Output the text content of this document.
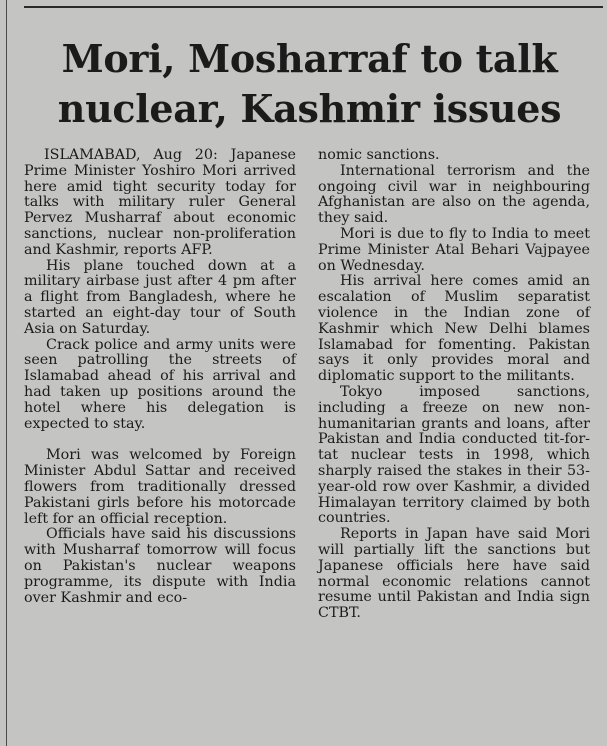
Mori, Mosharraf to talk nuclear, Kashmir issues

ISLAMABAD, Aug 20: Japanese Prime Minister Yoshiro Mori arrived here amid tight security today for talks with military ruler General Pervez Musharraf about economic sanctions, nuclear non-proliferation and Kashmir, reports AFP.

His plane touched down at a military airbase just after 4 pm after a flight from Bangladesh, where he started an eight-day tour of South Asia on Saturday.

Crack police and army units were seen patrolling the streets of Islamabad ahead of his arrival and had taken up positions around the hotel where his delegation is expected to stay.

Mori was welcomed by Foreign Minister Abdul Sattar and received flowers from traditionally dressed Pakistani girls before his motorcade left for an official reception.

Officials have said his discussions with Musharraf tomorrow will focus on Pakistan's nuclear weapons programme, its dispute with India over Kashmir and eco-

nomic sanctions.

International terrorism and the ongoing civil war in neighbouring Afghanistan are also on the agenda, they said.

Mori is due to fly to India to meet Prime Minister Atal Behari Vajpayee on Wednesday.

His arrival here comes amid an escalation of Muslim separatist violence in the Indian zone of Kashmir which New Delhi blames Islamabad for fomenting. Pakistan says it only provides moral and diplomatic support to the militants.

Tokyo imposed sanctions, including a freeze on new non-humanitarian grants and loans, after Pakistan and India conducted tit-for-tat nuclear tests in 1998, which sharply raised the stakes in their 53-year-old row over Kashmir, a divided Himalayan territory claimed by both countries.

Reports in Japan have said Mori will partially lift the sanctions but Japanese officials here have said normal economic relations cannot resume until Pakistan and India sign CTBT.
